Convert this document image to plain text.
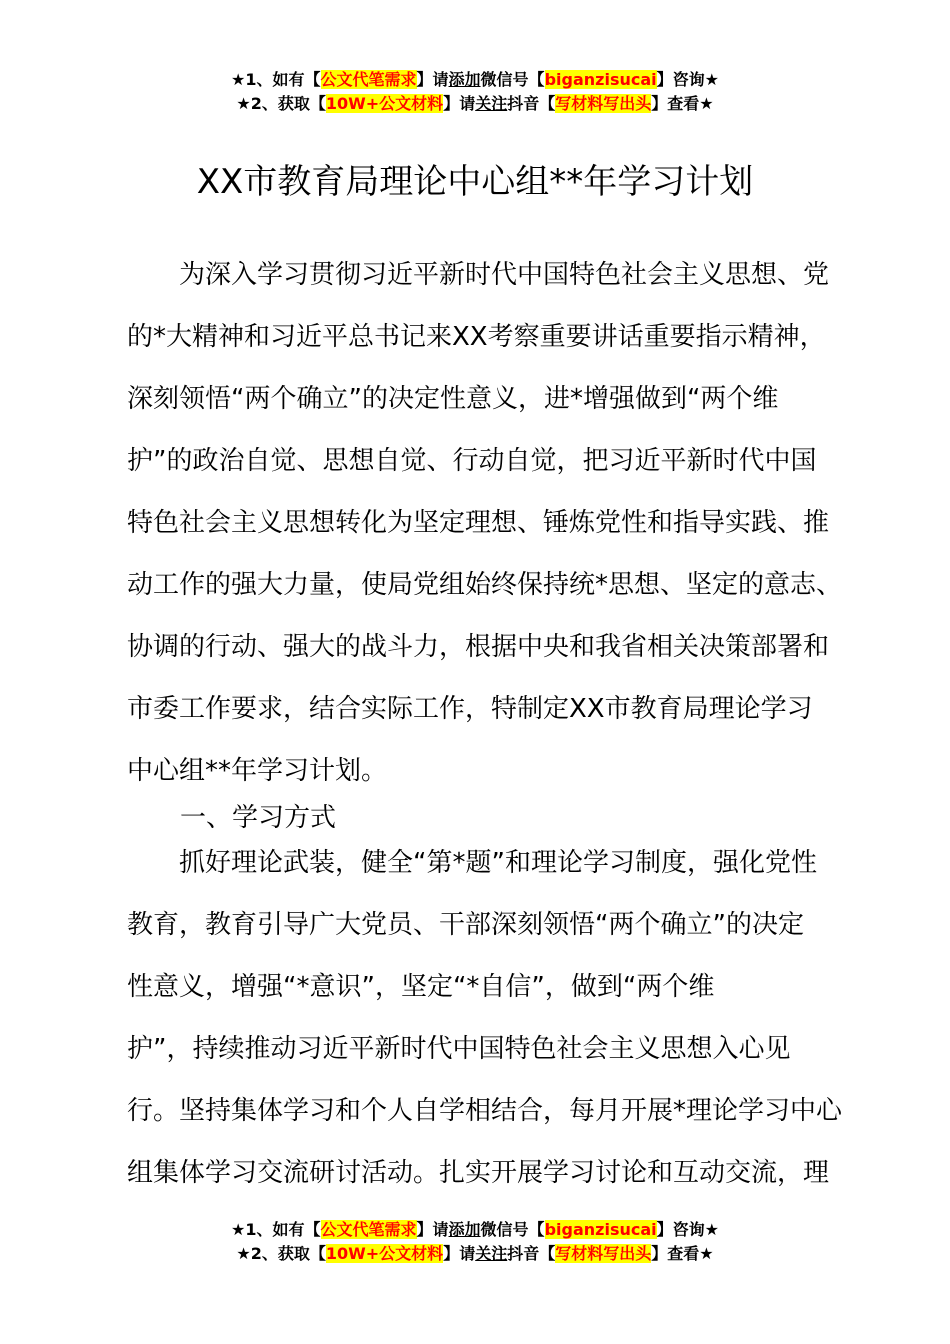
★1、如有【公文代笔需求】请添加微信号【biganzisucai】咨询★
★2、获取【10W+公文材料】请关注抖音【写材料写出头】查看★
XX市教育局理论中心组**年学习计划
为深入学习贯彻习近平新时代中国特色社会主义思想、党
的*大精神和习近平总书记来XX考察重要讲话重要指示精神，
深刻领悟“两个确立”的决定性意义，进*增强做到“两个维
护”的政治自觉、思想自觉、行动自觉，把习近平新时代中国
特色社会主义思想转化为坚定理想、锤炼党性和指导实践、推
动工作的强大力量，使局党组始终保持统*思想、坚定的意志、
协调的行动、强大的战斗力，根据中央和我省相关决策部署和
市委工作要求，结合实际工作，特制定XX市教育局理论学习
中心组**年学习计划。
一、学习方式
抓好理论武装，健全“第*题”和理论学习制度，强化党性
教育，教育引导广大党员、干部深刻领悟“两个确立”的决定
性意义，增强“*意识”，坚定“*自信”，做到“两个维
护”，持续推动习近平新时代中国特色社会主义思想入心见
行。坚持集体学习和个人自学相结合，每月开展*理论学习中心
组集体学习交流研讨活动。扎实开展学习讨论和互动交流，理
★1、如有【公文代笔需求】请添加微信号【biganzisucai】咨询★
★2、获取【10W+公文材料】请关注抖音【写材料写出头】查看★
